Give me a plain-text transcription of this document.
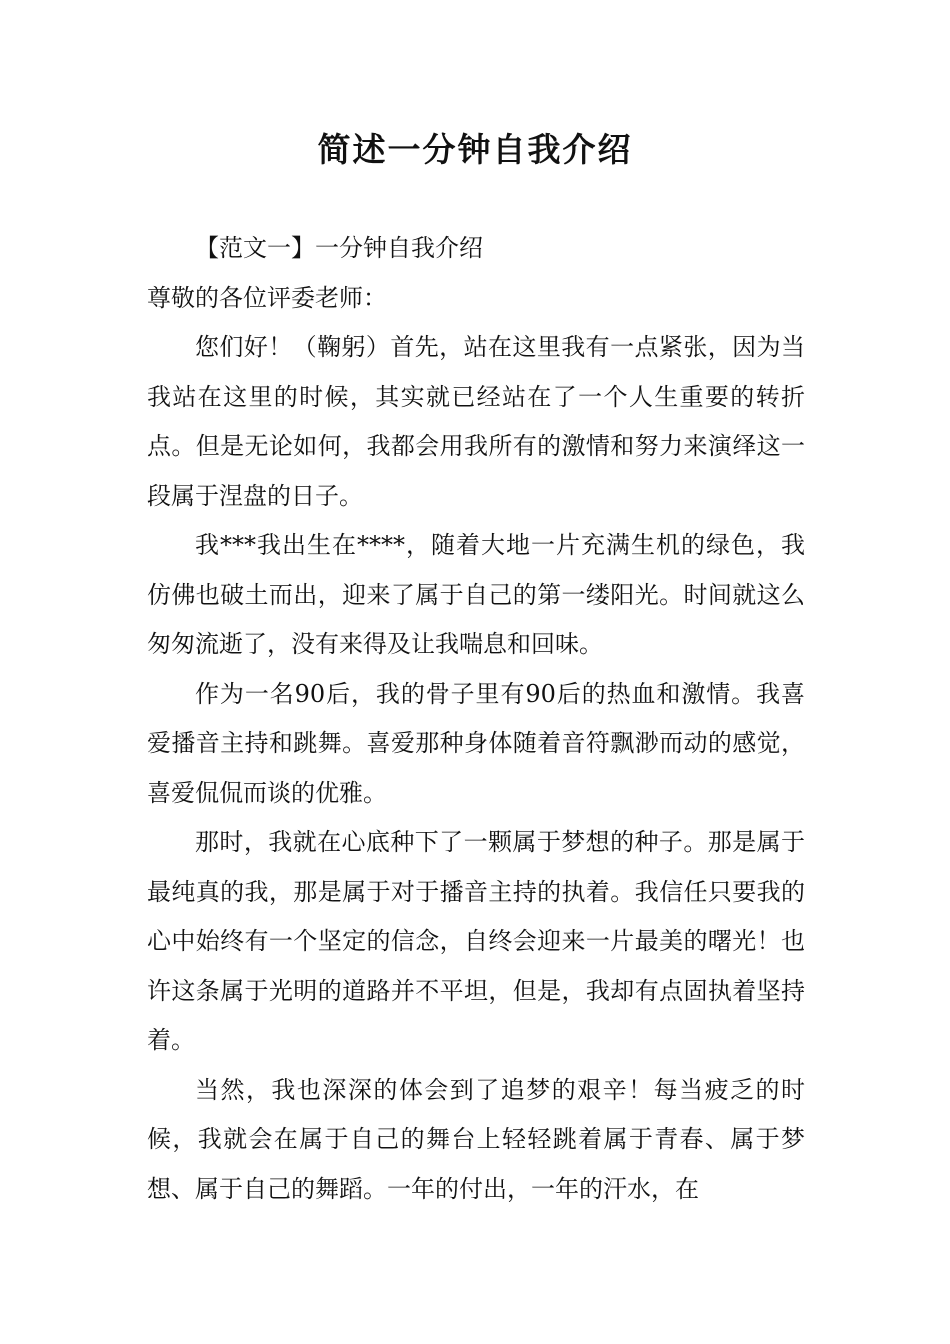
简述一分钟自我介绍

【范文一】一分钟自我介绍

尊敬的各位评委老师：

您们好！（鞠躬）首先，站在这里我有一点紧张，因为当我站在这里的时候，其实就已经站在了一个人生重要的转折点。但是无论如何，我都会用我所有的激情和努力来演绎这一段属于涅盘的日子。

我***我出生在****，随着大地一片充满生机的绿色，我仿佛也破土而出，迎来了属于自己的第一缕阳光。时间就这么匆匆流逝了，没有来得及让我喘息和回味。

作为一名90后，我的骨子里有90后的热血和激情。我喜爱播音主持和跳舞。喜爱那种身体随着音符飘渺而动的感觉，喜爱侃侃而谈的优雅。

那时，我就在心底种下了一颗属于梦想的种子。那是属于最纯真的我，那是属于对于播音主持的执着。我信任只要我的心中始终有一个坚定的信念，自终会迎来一片最美的曙光！也许这条属于光明的道路并不平坦，但是，我却有点固执着坚持着。

当然，我也深深的体会到了追梦的艰辛！每当疲乏的时候，我就会在属于自己的舞台上轻轻跳着属于青春、属于梦想、属于自己的舞蹈。一年的付出，一年的汗水，在
